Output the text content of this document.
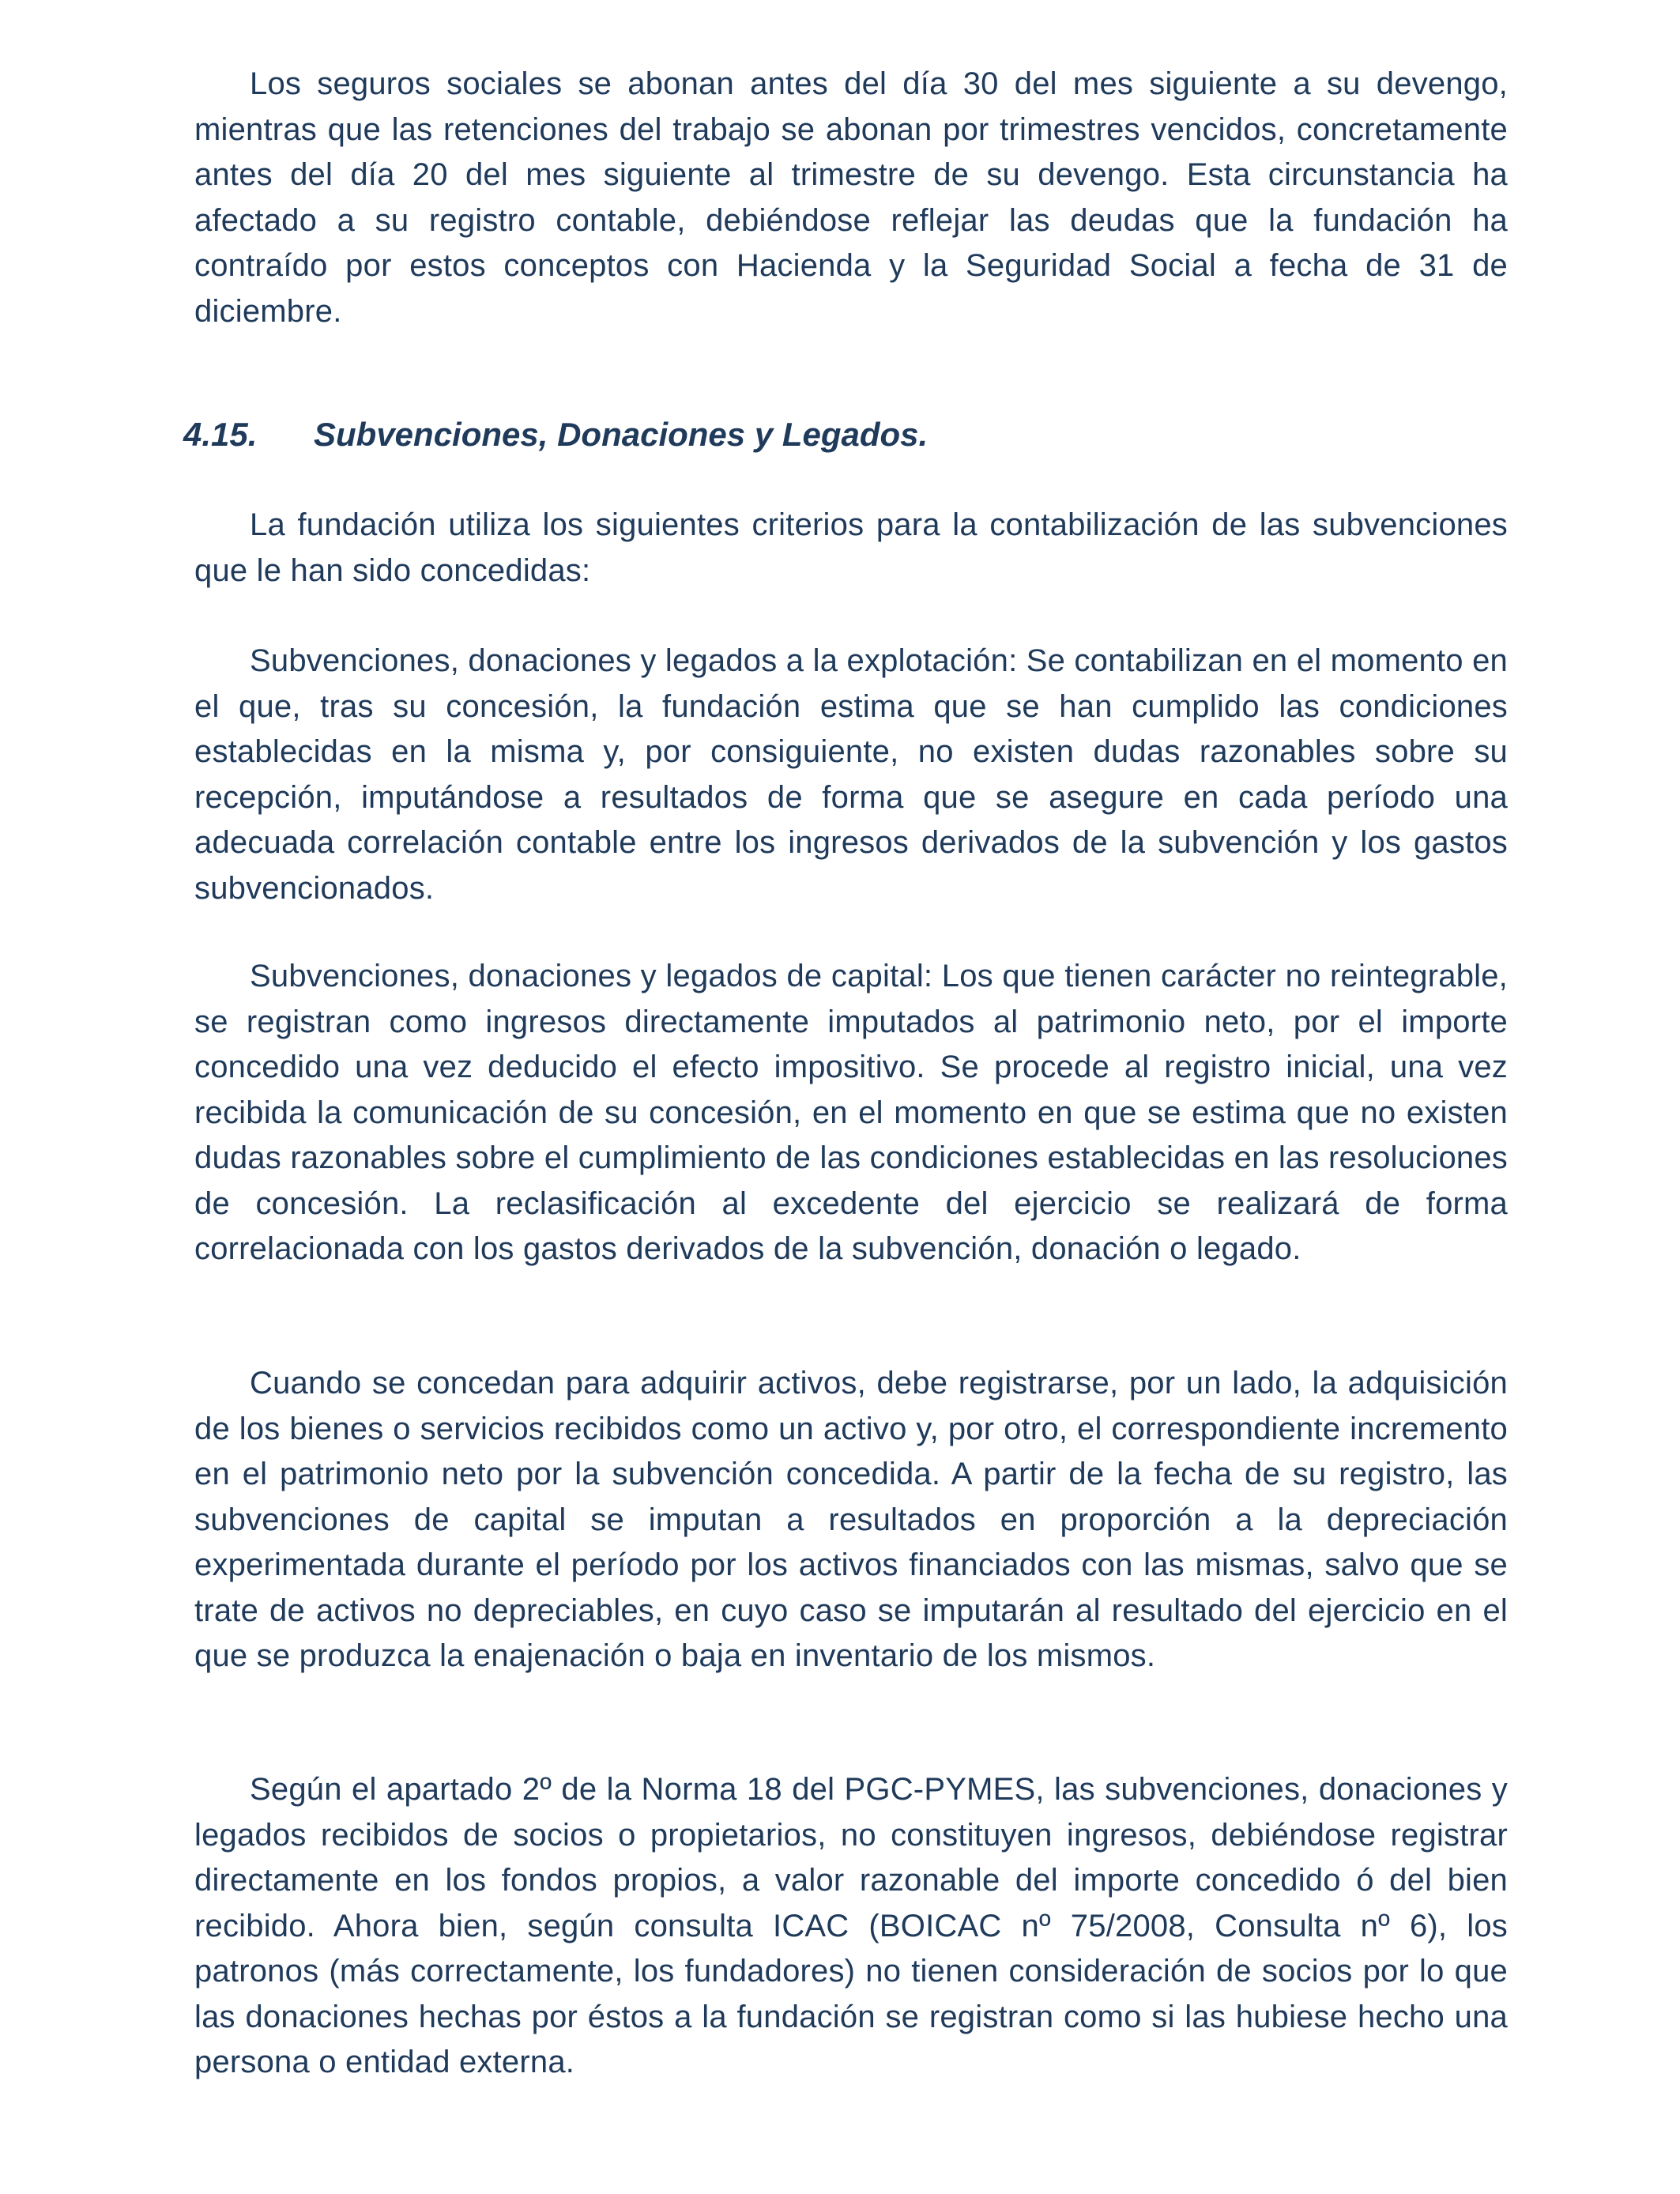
Los seguros sociales se abonan antes del día 30 del mes siguiente a su devengo, mientras que las retenciones del trabajo se abonan por trimestres vencidos, concretamente antes del día 20 del mes siguiente al trimestre de su devengo. Esta circunstancia ha afectado a su registro contable, debiéndose reflejar las deudas que la fundación ha contraído por estos conceptos con Hacienda y la Seguridad Social a fecha de 31 de diciembre.

4.15. Subvenciones, Donaciones y Legados.

La fundación utiliza los siguientes criterios para la contabilización de las subvenciones que le han sido concedidas:

Subvenciones, donaciones y legados a la explotación: Se contabilizan en el momento en el que, tras su concesión, la fundación estima que se han cumplido las condiciones establecidas en la misma y, por consiguiente, no existen dudas razonables sobre su recepción, imputándose a resultados de forma que se asegure en cada período una adecuada correlación contable entre los ingresos derivados de la subvención y los gastos subvencionados.

Subvenciones, donaciones y legados de capital: Los que tienen carácter no reintegrable, se registran como ingresos directamente imputados al patrimonio neto, por el importe concedido una vez deducido el efecto impositivo. Se procede al registro inicial, una vez recibida la comunicación de su concesión, en el momento en que se estima que no existen dudas razonables sobre el cumplimiento de las condiciones establecidas en las resoluciones de concesión. La reclasificación al excedente del ejercicio se realizará de forma correlacionada con los gastos derivados de la subvención, donación o legado.

Cuando se concedan para adquirir activos, debe registrarse, por un lado, la adquisición de los bienes o servicios recibidos como un activo y, por otro, el correspondiente incremento en el patrimonio neto por la subvención concedida. A partir de la fecha de su registro, las subvenciones de capital se imputan a resultados en proporción a la depreciación experimentada durante el período por los activos financiados con las mismas, salvo que se trate de activos no depreciables, en cuyo caso se imputarán al resultado del ejercicio en el que se produzca la enajenación o baja en inventario de los mismos.

Según el apartado 2º de la Norma 18 del PGC-PYMES, las subvenciones, donaciones y legados recibidos de socios o propietarios, no constituyen ingresos, debiéndose registrar directamente en los fondos propios, a valor razonable del importe concedido ó del bien recibido. Ahora bien, según consulta ICAC (BOICAC nº 75/2008, Consulta nº 6), los patronos (más correctamente, los fundadores) no tienen consideración de socios por lo que las donaciones hechas por éstos a la fundación se registran como si las hubiese hecho una persona o entidad externa.
